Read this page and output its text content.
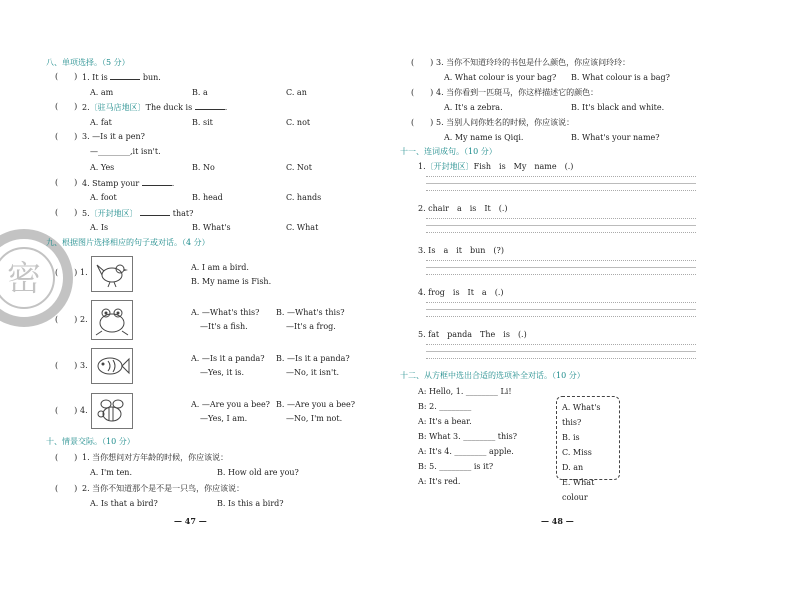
密
八、单项选择。（5 分）
(　　) 1. It is	bun.
A. am	B. a	C. an
(　　) 2.〔驻马店地区〕The duck is	.
A. fat	B. sit	C. not
(　　) 3. —Is it a pen?
—________,it isn't.
A. Yes	B. No	C. Not
(　　) 4. Stamp your	.
A. foot	B. head	C. hands
(　　) 5.〔开封地区〕	that?
A. Is	B. What's	C. What
九、根据图片选择相应的句子或对话。（4 分）
(　　) 1.
A. I am a bird.
B. My name is Fish.
(　　) 2.
A. —What's this?
—It's a fish.
B. —What's this?
—It's a frog.
(　　) 3.
A. —Is it a panda?
—Yes, it is.
B. —Is it a panda?
—No, it isn't.
(　　) 4.
A. —Are you a bee?
—Yes, I am.
B. —Are you a bee?
—No, I'm not.
十、情景交际。（10 分）
(　　) 1. 当你想问对方年龄的时候，你应该说：
A. I'm ten.	B. How old are you?
(　　) 2. 当你不知道那个是不是一只鸟，你应该说：
A. Is that a bird?	B. Is this a bird?
— 47 —
(　　) 3. 当你不知道玲玲的书包是什么颜色，你应该问玲玲：
A. What colour is your bag? B. What colour is a bag?
(　　) 4. 当你看到一匹斑马，你这样描述它的颜色：
A. It's a zebra.	B. It's black and white.
(　　) 5. 当别人问你姓名的时候，你应该说：
A. My name is Qiqi.	B. What's your name?
十一、连词成句。（10 分）
1.〔开封地区〕Fish　is　My　name　(.)
2. chair　a　is　It　(.)
3. Is　a　it　bun　(?)
4. frog　is　It　a　(.)
5. fat　panda　The　is　(.)
十二、从方框中选出合适的选项补全对话。（10 分）
A: Hello, 1. ________ Li!
B: 2. ________
A: It's a bear.
B: What 3. ________ this?
A: It's 4. ________ apple.
B: 5. ________ is it?
A: It's red.
A. What's this?
B. is
C. Miss
D. an
E. What colour
— 48 —
